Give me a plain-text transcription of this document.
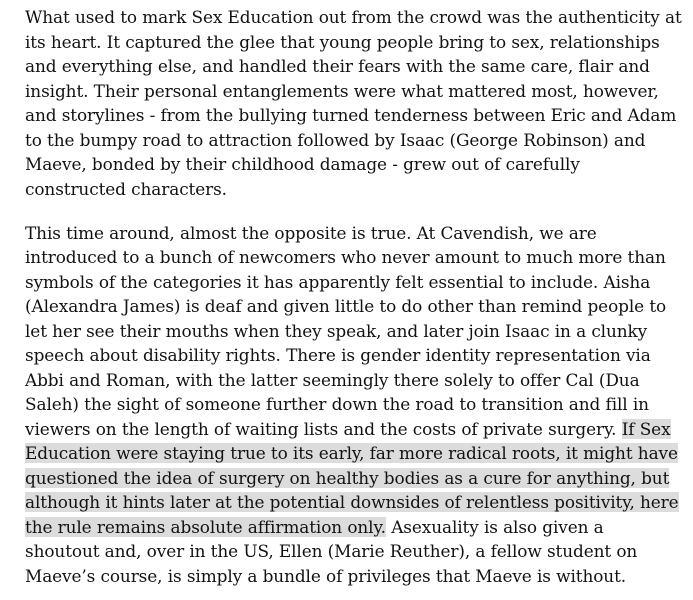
What used to mark Sex Education out from the crowd was the authenticity at
its heart. It captured the glee that young people bring to sex, relationships
and everything else, and handled their fears with the same care, flair and
insight. Their personal entanglements were what mattered most, however,
and storylines - from the bullying turned tenderness between Eric and Adam
to the bumpy road to attraction followed by Isaac (George Robinson) and
Maeve, bonded by their childhood damage - grew out of carefully
constructed characters.

This time around, almost the opposite is true. At Cavendish, we are
introduced to a bunch of newcomers who never amount to much more than
symbols of the categories it has apparently felt essential to include. Aisha
(Alexandra James) is deaf and given little to do other than remind people to
let her see their mouths when they speak, and later join Isaac in a clunky
speech about disability rights. There is gender identity representation via
Abbi and Roman, with the latter seemingly there solely to offer Cal (Dua
Saleh) the sight of someone further down the road to transition and fill in
viewers on the length of waiting lists and the costs of private surgery. If Sex
Education were staying true to its early, far more radical roots, it might have
questioned the idea of surgery on healthy bodies as a cure for anything, but
although it hints later at the potential downsides of relentless positivity, here
the rule remains absolute affirmation only. Asexuality is also given a
shoutout and, over in the US, Ellen (Marie Reuther), a fellow student on
Maeve’s course, is simply a bundle of privileges that Maeve is without.
